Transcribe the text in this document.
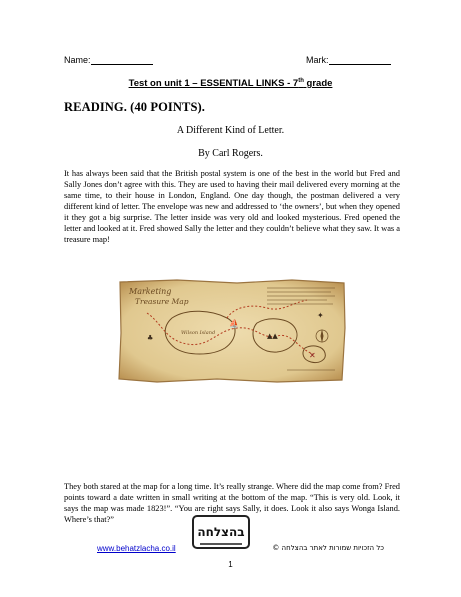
Name:	Mark:
Test on unit 1 – ESSENTIAL LINKS - 7th grade
READING. (40 POINTS).
A Different Kind of Letter.
By Carl Rogers.
It has always been said that the British postal system is one of the best in the world but Fred and Sally Jones don’t agree with this. They are used to having their mail delivered every morning at the same time, to their house in London, England. One day though, the postman delivered a very different kind of letter. The envelope was new and addressed to ‘the owners’, but when they opened it they got a big surprise. The letter inside was very old and looked mysterious. Fred opened the letter and looked at it. Fred showed Sally the letter and they couldn’t believe what they saw. It was a treasure map!
Marketing
Treasure Map
Wilson Island
✕
⛵
▲▲
♣
✦
They both stared at the map for a long time. It’s really strange. Where did the map come from? Fred points toward a date written in small writing at the bottom of the map. “This is very old. Look, it says the map was made 1823!”. “You are right says Sally, it does. Look it also says Wonga Island. Where’s that?”
בהצלחה
www.behatzlacha.co.il	כל הזכויות שמורות לאתר בהצלחה ©
1
